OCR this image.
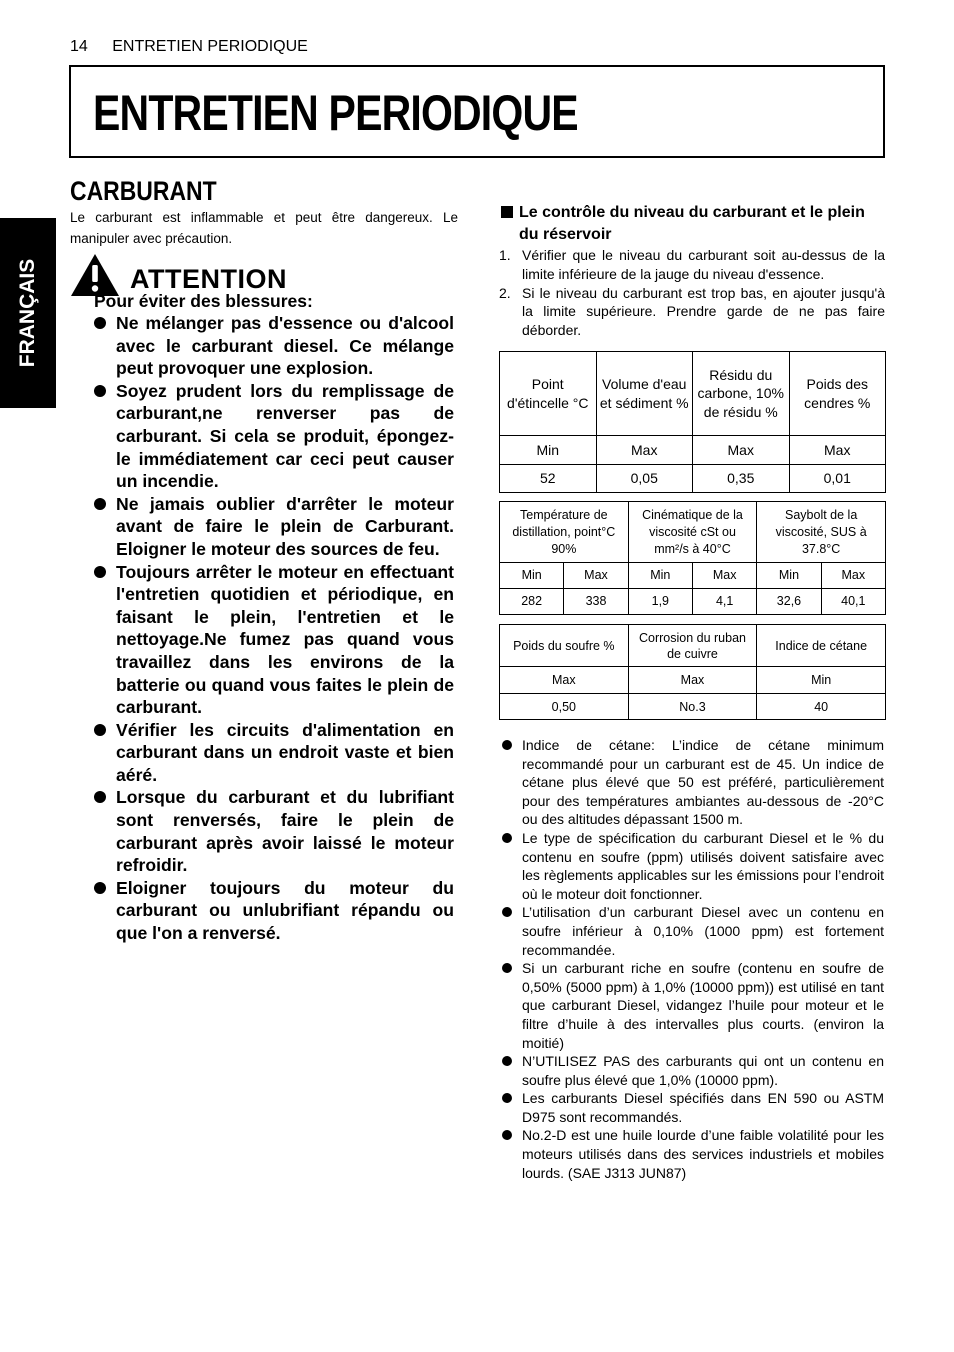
14 ENTRETIEN PERIODIQUE
ENTRETIEN PERIODIQUE
FRANÇAIS
CARBURANT

Le carburant est inflammable et peut être dangereux. Le manipuler avec précaution.

ATTENTION
Pour éviter des blessures:
Ne mélanger pas d'essence ou d'alcool avec le carburant diesel. Ce mélange peut provoquer une explosion.
Soyez prudent lors du remplissage de carburant,ne renverser pas de carburant. Si cela se produit, épongez-le immédiatement car ceci peut causer un incendie.
Ne jamais oublier d'arrêter le moteur avant de faire le plein de Carburant. Eloigner le moteur des sources de feu.
Toujours arrêter le moteur en effectuant l'entretien quotidien et périodique, en faisant le plein, l'entretien et le nettoyage.Ne fumez pas quand vous travaillez dans les environs de la batterie ou quand vous faites le plein de carburant.
Vérifier les circuits d'alimentation en carburant dans un endroit vaste et bien aéré.
Lorsque du carburant et du lubrifiant sont renversés, faire le plein de carburant après avoir laissé le moteur refroidir.
Eloigner toujours du moteur du carburant ou unlubrifiant répandu ou que l'on a renversé.
Le contrôle du niveau du carburant et le plein du réservoir
1. Vérifier que le niveau du carburant soit au-dessus de la limite inférieure de la jauge du niveau d'essence.
2. Si le niveau du carburant est trop bas, en ajouter jusqu'à la limite supérieure. Prendre garde de ne pas faire déborder.
Point d'étincelle °C	Volume d'eau et sédiment %	Résidu du carbone, 10% de résidu %	Poids des cendres %
Min	Max	Max	Max
52	0,05	0,35	0,01
Température de distillation, point°C 90%		Cinématique de la viscosité cSt ou mm²/s à 40°C		Saybolt de la viscosité, SUS à 37.8°C	
Min	Max	Min	Max	Min	Max
282	338	1,9	4,1	32,6	40,1
Poids du soufre %	Corrosion du ruban de cuivre	Indice de cétane
Max	Max	Min
0,50	No.3	40
Indice de cétane: L’indice de cétane minimum recommandé pour un carburant est de 45. Un indice de cétane plus élevé que 50 est préféré, particulièrement pour des températures ambiantes au-dessous de -20°C ou des altitudes dépassant 1500 m.
Le type de spécification du carburant Diesel et le % du contenu en soufre (ppm) utilisés doivent satisfaire avec les règlements applicables sur les émissions pour l’endroit où le moteur doit fonctionner.
L’utilisation d’un carburant Diesel avec un contenu en soufre inférieur à 0,10% (1000 ppm) est fortement recommandée.
Si un carburant riche en soufre (contenu en soufre de 0,50% (5000 ppm) à 1,0% (10000 ppm)) est utilisé en tant que carburant Diesel, vidangez l’huile pour moteur et le filtre d’huile à des intervalles plus courts. (environ la moitié)
N’UTILISEZ PAS des carburants qui ont un contenu en soufre plus élevé que 1,0% (10000 ppm).
Les carburants Diesel spécifiés dans EN 590 ou ASTM D975 sont recommandés.
No.2-D est une huile lourde d’une faible volatilité pour les moteurs utilisés dans des services industriels et mobiles lourds. (SAE J313 JUN87)
